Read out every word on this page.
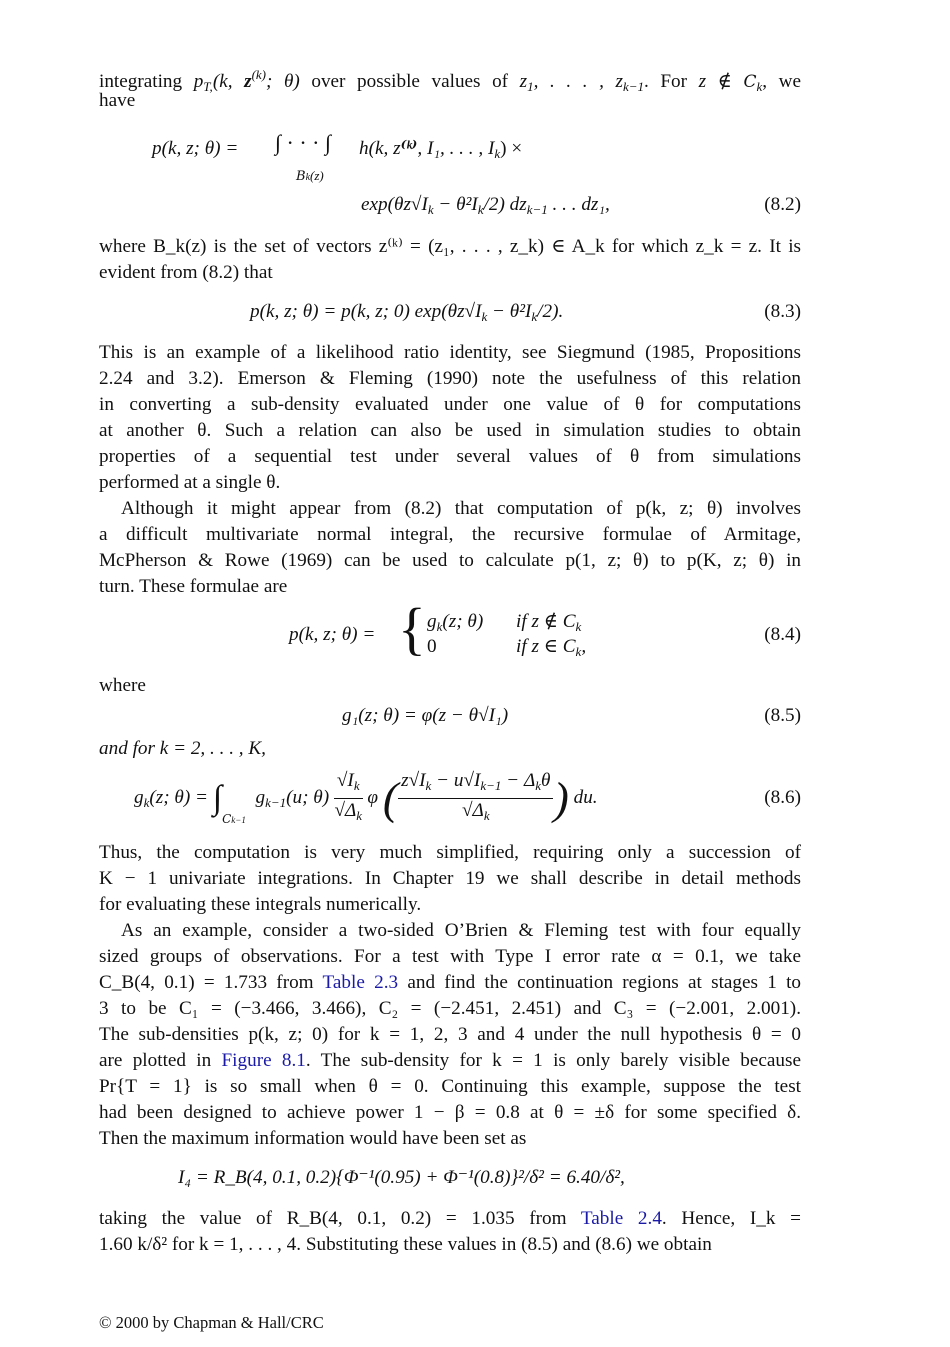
integrating $p_{T,}(k$, $z^{(k)}$; θ) over possible values of $z_1$, . . . , $z_{k-1}$. For z ∉ $C_k$, we
have
p(k, z; θ) = ∫ · · · ∫
Bk(z)
h(k, z⁽ᵏ⁾, I₁, . . . , $I_k$) ×
$\exp(\theta z√I_k - \theta^2I_k/2)$ $dz_{k-1}$ . . . dz₁,	(8.2)
where B_k(z) is the set of vectors z⁽ᵏ⁾ = (z₁, . . . , z_k) ∈ A_k for which z_k = z. It is
evident from (8.2) that
p(k, z; θ) = p(k, z; 0) $\exp(\theta z√I_k - \theta^2I_k/2)$.	(8.3)
This is an example of a likelihood ratio identity, see Siegmund (1985, Propositions
2.24 and 3.2). Emerson & Fleming (1990) note the usefulness of this relation
in converting a sub-density evaluated under one value of θ for computations
at another θ. Such a relation can also be used in simulation studies to obtain
properties of a sequential test under several values of θ from simulations
performed at a single θ.
Although it might appear from (8.2) that computation of p(k, z; θ) involves
a difficult multivariate normal integral, the recursive formulae of Armitage,
McPherson & Rowe (1969) can be used to calculate p(1, z; θ) to p(K, z; θ) in
turn. These formulae are
p(k, z; θ) = { $g_k(z$; θ) if z ∉ $C_k$
0	if z ∈ $C_k$,
(8.4)
where
g₁(z; θ) = φ(z − θ√I₁)	(8.5)
and for k = 2, . . . , K,
$g_k(z$; $\theta) = \int_{Ck-1}$  $g_{k-1}(u$; $\theta) \frac{√I_k}{√\Delta_k}$ φ ( $\frac{z√I_k - u√I_{k-1} - \Delta_k\theta}{√\Delta_k}$ ) du.	(8.6)
Thus, the computation is very much simplified, requiring only a succession of
K − 1 univariate integrations. In Chapter 19 we shall describe in detail methods
for evaluating these integrals numerically.
As an example, consider a two-sided O’Brien & Fleming test with four equally
sized groups of observations. For a test with Type I error rate α = 0.1, we take
C_B(4, 0.1) = 1.733 from Table 2.3 and find the continuation regions at stages 1 to
3 to be C₁ = (−3.466, 3.466), C₂ = (−2.451, 2.451) and C₃ = (−2.001, 2.001).
The sub-densities p(k, z; 0) for k = 1, 2, 3 and 4 under the null hypothesis θ = 0
are plotted in Figure 8.1. The sub-density for k = 1 is only barely visible because
Pr{T = 1} is so small when θ = 0. Continuing this example, suppose the test
had been designed to achieve power 1 − β = 0.8 at θ = ±δ for some specified δ.
Then the maximum information would have been set as
I₄ = R_B(4, 0.1, 0.2){Φ⁻¹(0.95) + Φ⁻¹(0.8)}²/δ² = 6.40/δ²,
taking the value of R_B(4, 0.1, 0.2) = 1.035 from Table 2.4. Hence, I_k =
1.60 k/δ² for k = 1, . . . , 4. Substituting these values in (8.5) and (8.6) we obtain
© 2000 by Chapman & Hall/CRC
